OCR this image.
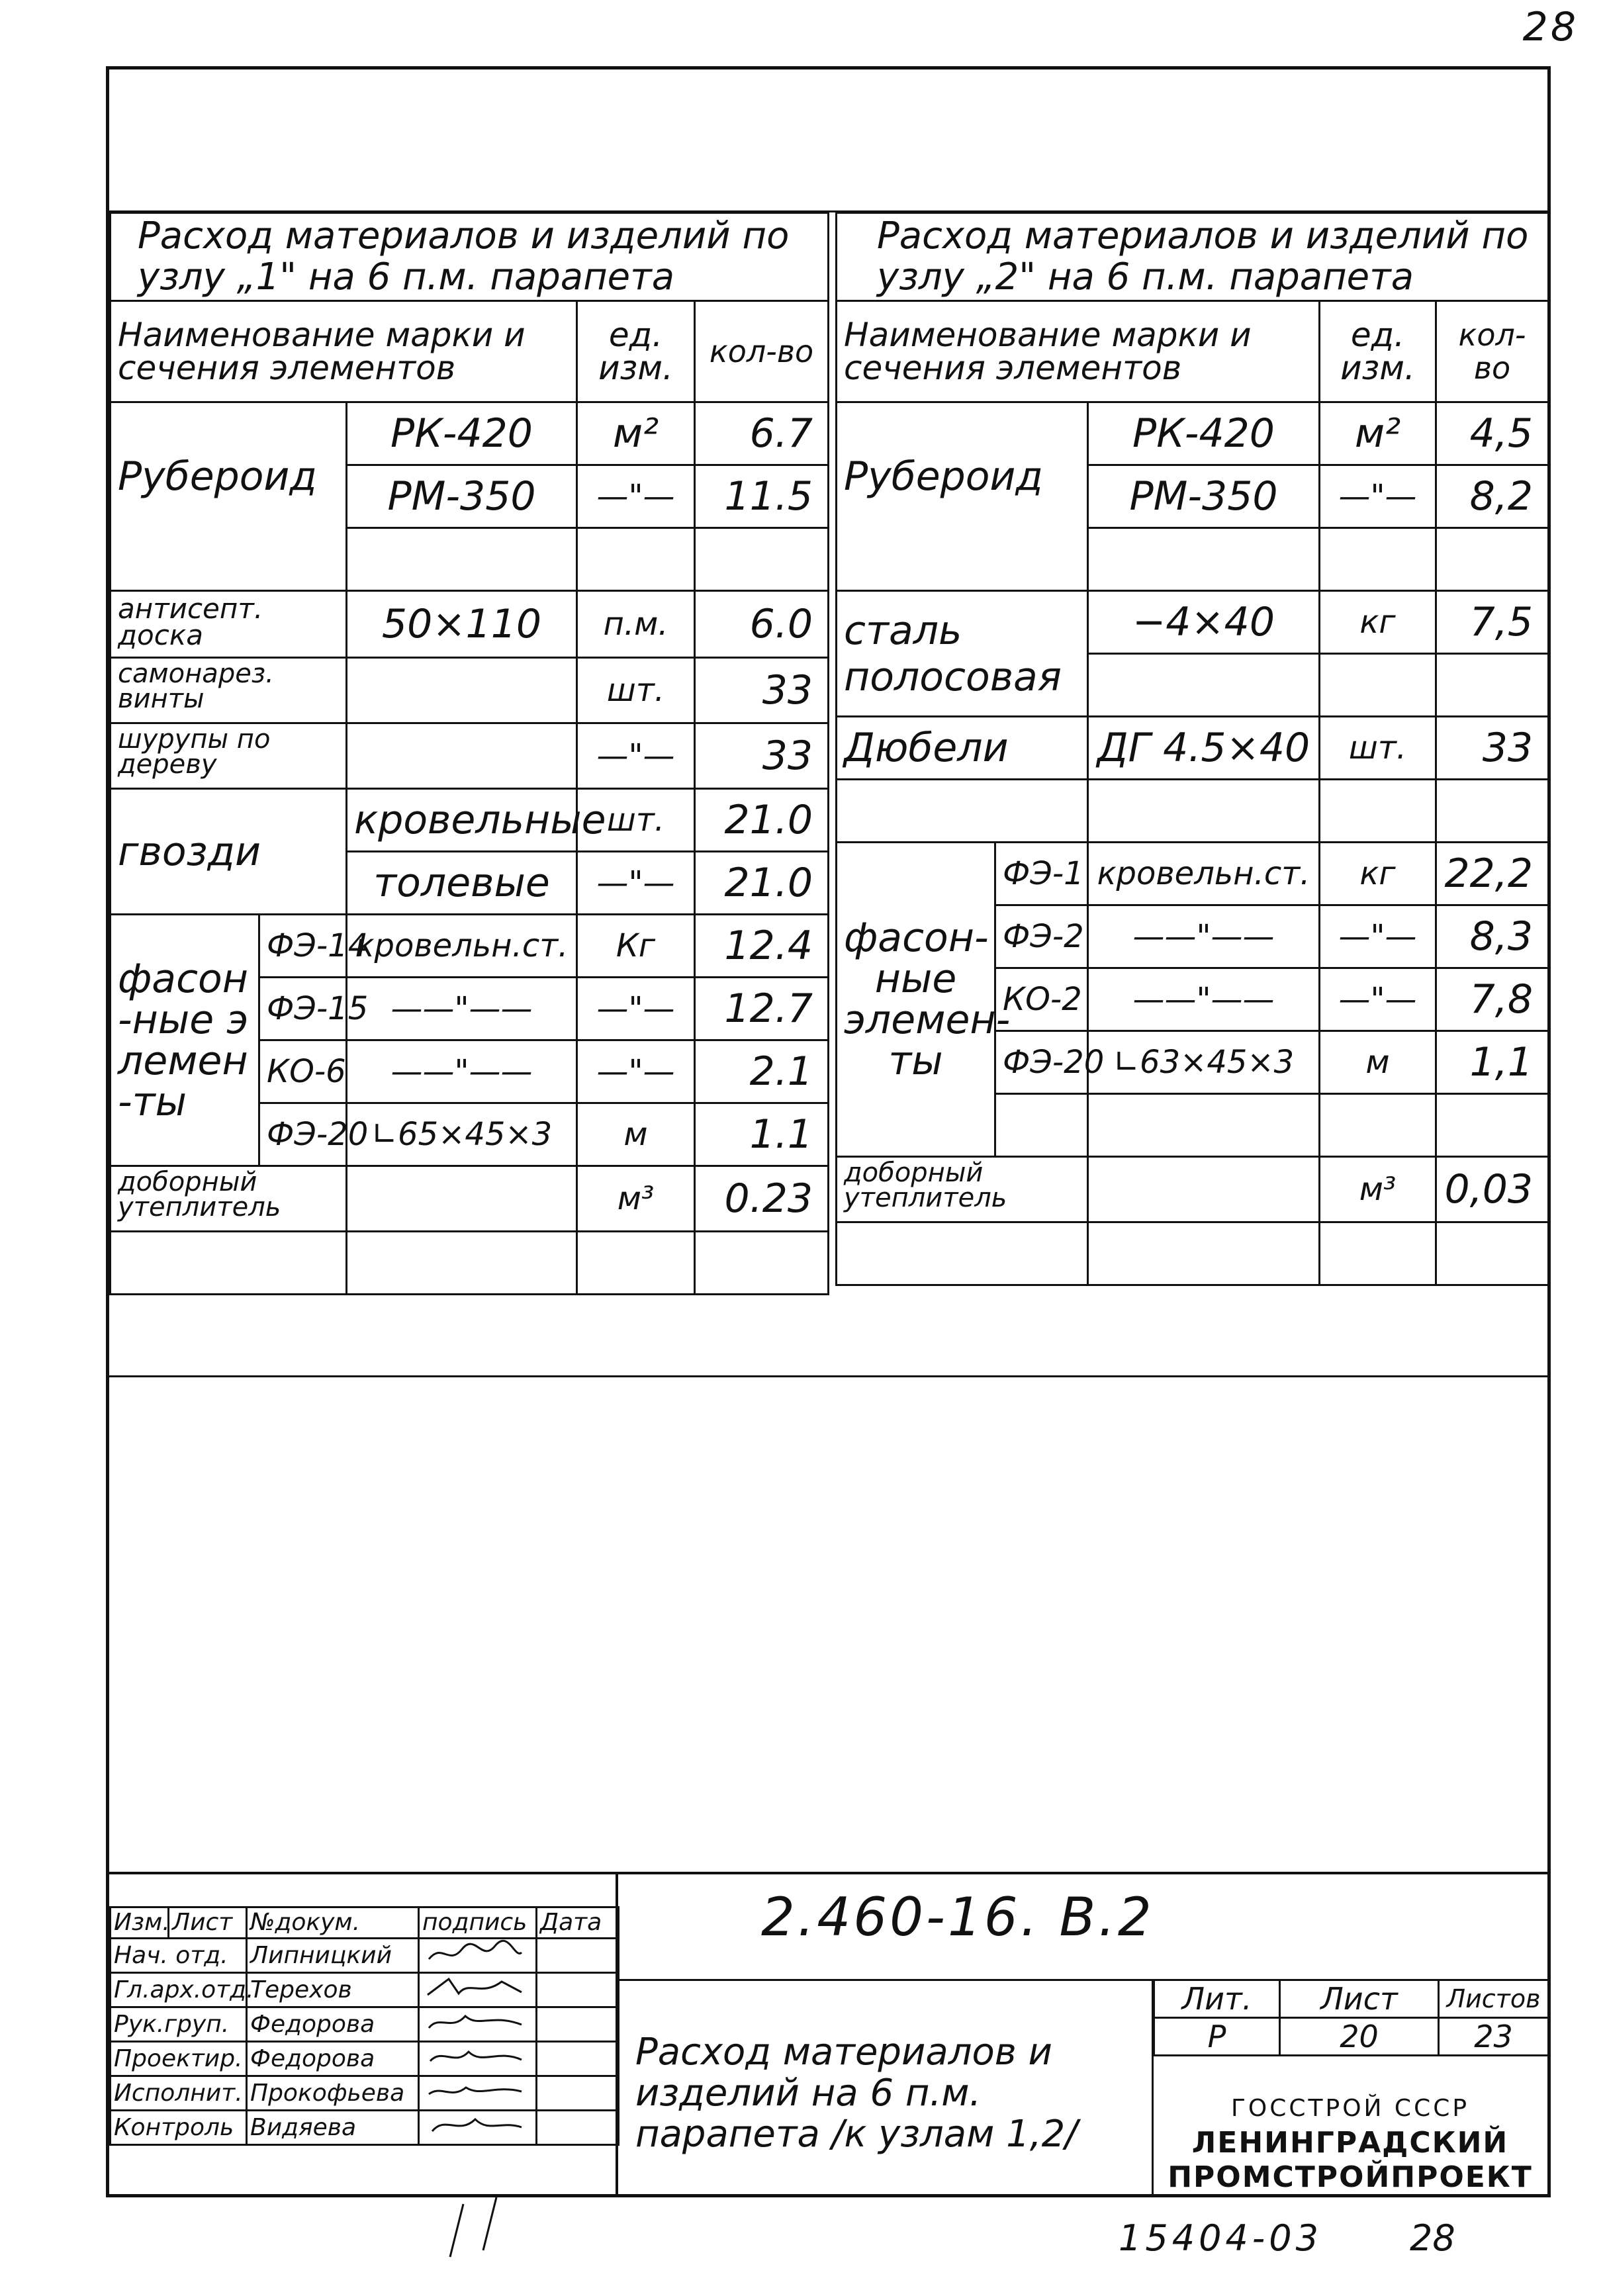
28
Расход материалов и изделий по узлу „1" на 6 п.м. парапета				
Наименование марки и сечения элементов			ед. изм.	кол-во
Рубероид		РК-420	м²	6.7
		РМ-350	—"—	11.5

антисепт. доска		50×110	п.м.	6.0
самонарез. винты			шт.	33
шурупы по дереву			—"—	33
гвозди		кровельные	шт.	21.0
		толевые	—"—	21.0
фасон-ные элемен-ты	ФЭ-14	кровельн.ст.	Кг	12.4
	ФЭ-15	——"——	—"—	12.7
	КО-6	——"——	—"—	2.1
	ФЭ-20	∟65×45×3	м	1.1
доборный утеплитель			м³	0.23

Расход материалов и изделий по узлу „2" на 6 п.м. парапета				
Наименование марки и сечения элементов			ед. изм.	кол-во
Рубероид		РК-420	м²	4,5
		РМ-350	—"—	8,2

сталь полосовая		−4×40	кг	7,5

Дюбели		ДГ 4.5×40	шт.	33

фасон-ные элемен-ты	ФЭ-1	кровельн.ст.	кг	22,2
	ФЭ-2	——"——	—"—	8,3
	КО-2	——"——	—"—	7,8
	ФЭ-20	∟63×45×3	м	1,1

доборный утеплитель			м³	0,03

Изм.	Лист	№докум.	подпись	Дата
Нач. отд.		Липницкий		
Гл.арх.отд.		Терехов		
Рук.груп.		Федорова		
Проектир.		Федорова		
Исполнит.		Прокофьева		
Контроль		Видяева		
2.460-16. В.2
Расход материалов и изделий на 6 п.м. парапета /к узлам 1,2/
Лит.	Лист	Листов
Р	20	23
ГОССТРОЙ СССР
ЛЕНИНГРАДСКИЙ
ПРОМСТРОЙПРОЕКТ
15404-03 28
